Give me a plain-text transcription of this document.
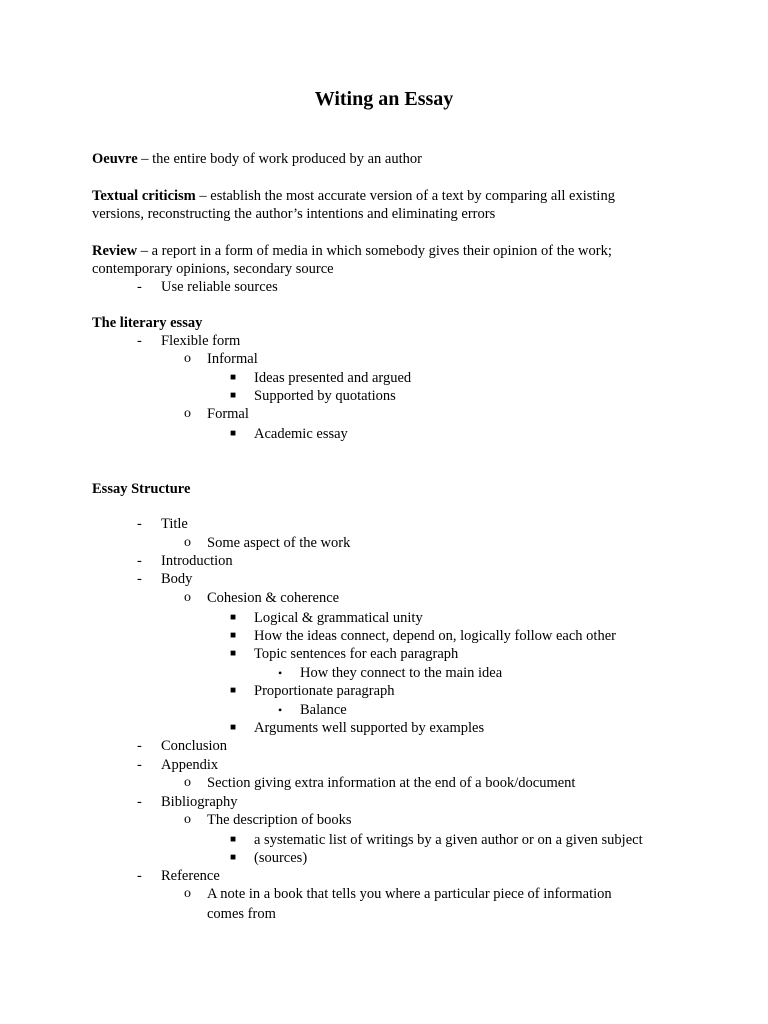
Witing an Essay
Oeuvre – the entire body of work produced by an author
Textual criticism – establish the most accurate version of a text by comparing all existing
versions, reconstructing the author’s intentions and eliminating errors
Review – a report in a form of media in which somebody gives their opinion of the work;
contemporary opinions, secondary source
- Use reliable sources
The literary essay
- Flexible form
o Informal
■ Ideas presented and argued
■ Supported by quotations
o Formal
■ Academic essay
Essay Structure
- Title
o Some aspect of the work
- Introduction
- Body
o Cohesion & coherence
■ Logical & grammatical unity
■ How the ideas connect, depend on, logically follow each other
■ Topic sentences for each paragraph
• How they connect to the main idea
■ Proportionate paragraph
• Balance
■ Arguments well supported by examples
- Conclusion
- Appendix
o Section giving extra information at the end of a book/document
- Bibliography
o The description of books
■ a systematic list of writings by a given author or on a given subject
■ (sources)
- Reference
o A note in a book that tells you where a particular piece of information
comes from
